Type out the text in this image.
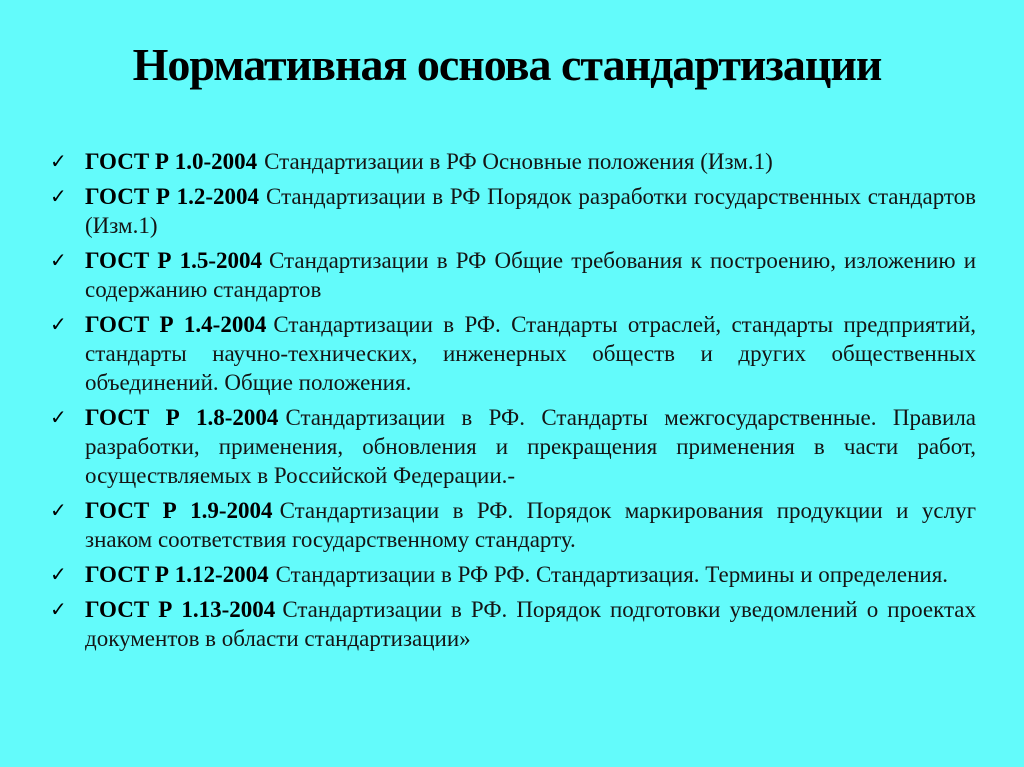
Нормативная основа стандартизации
✓ ГОСТ Р 1.0-2004 Стандартизации в РФ Основные положения (Изм.1)
✓ ГОСТ Р 1.2-2004 Стандартизации в РФ Порядок разработки государственных стандартов (Изм.1)
✓ ГОСТ Р 1.5-2004 Стандартизации в РФ Общие требования к построению, изложению и содержанию стандартов
✓ ГОСТ Р 1.4-2004 Стандартизации в РФ. Стандарты отраслей, стандарты предприятий, стандарты научно-технических, инженерных обществ и других общественных объединений. Общие положения.
✓ ГОСТ Р 1.8-2004 Стандартизации в РФ. Стандарты межгосударственные. Правила разработки, применения, обновления и прекращения применения в части работ, осуществляемых в Российской Федерации.-
✓ ГОСТ Р 1.9-2004 Стандартизации в РФ. Порядок маркирования продукции и услуг знаком соответствия государственному стандарту.
✓ ГОСТ Р 1.12-2004 Стандартизации в РФ РФ. Стандартизация. Термины и определения.
✓ ГОСТ Р 1.13-2004 Стандартизации в РФ. Порядок подготовки уведомлений о проектах документов в области стандартизации»
